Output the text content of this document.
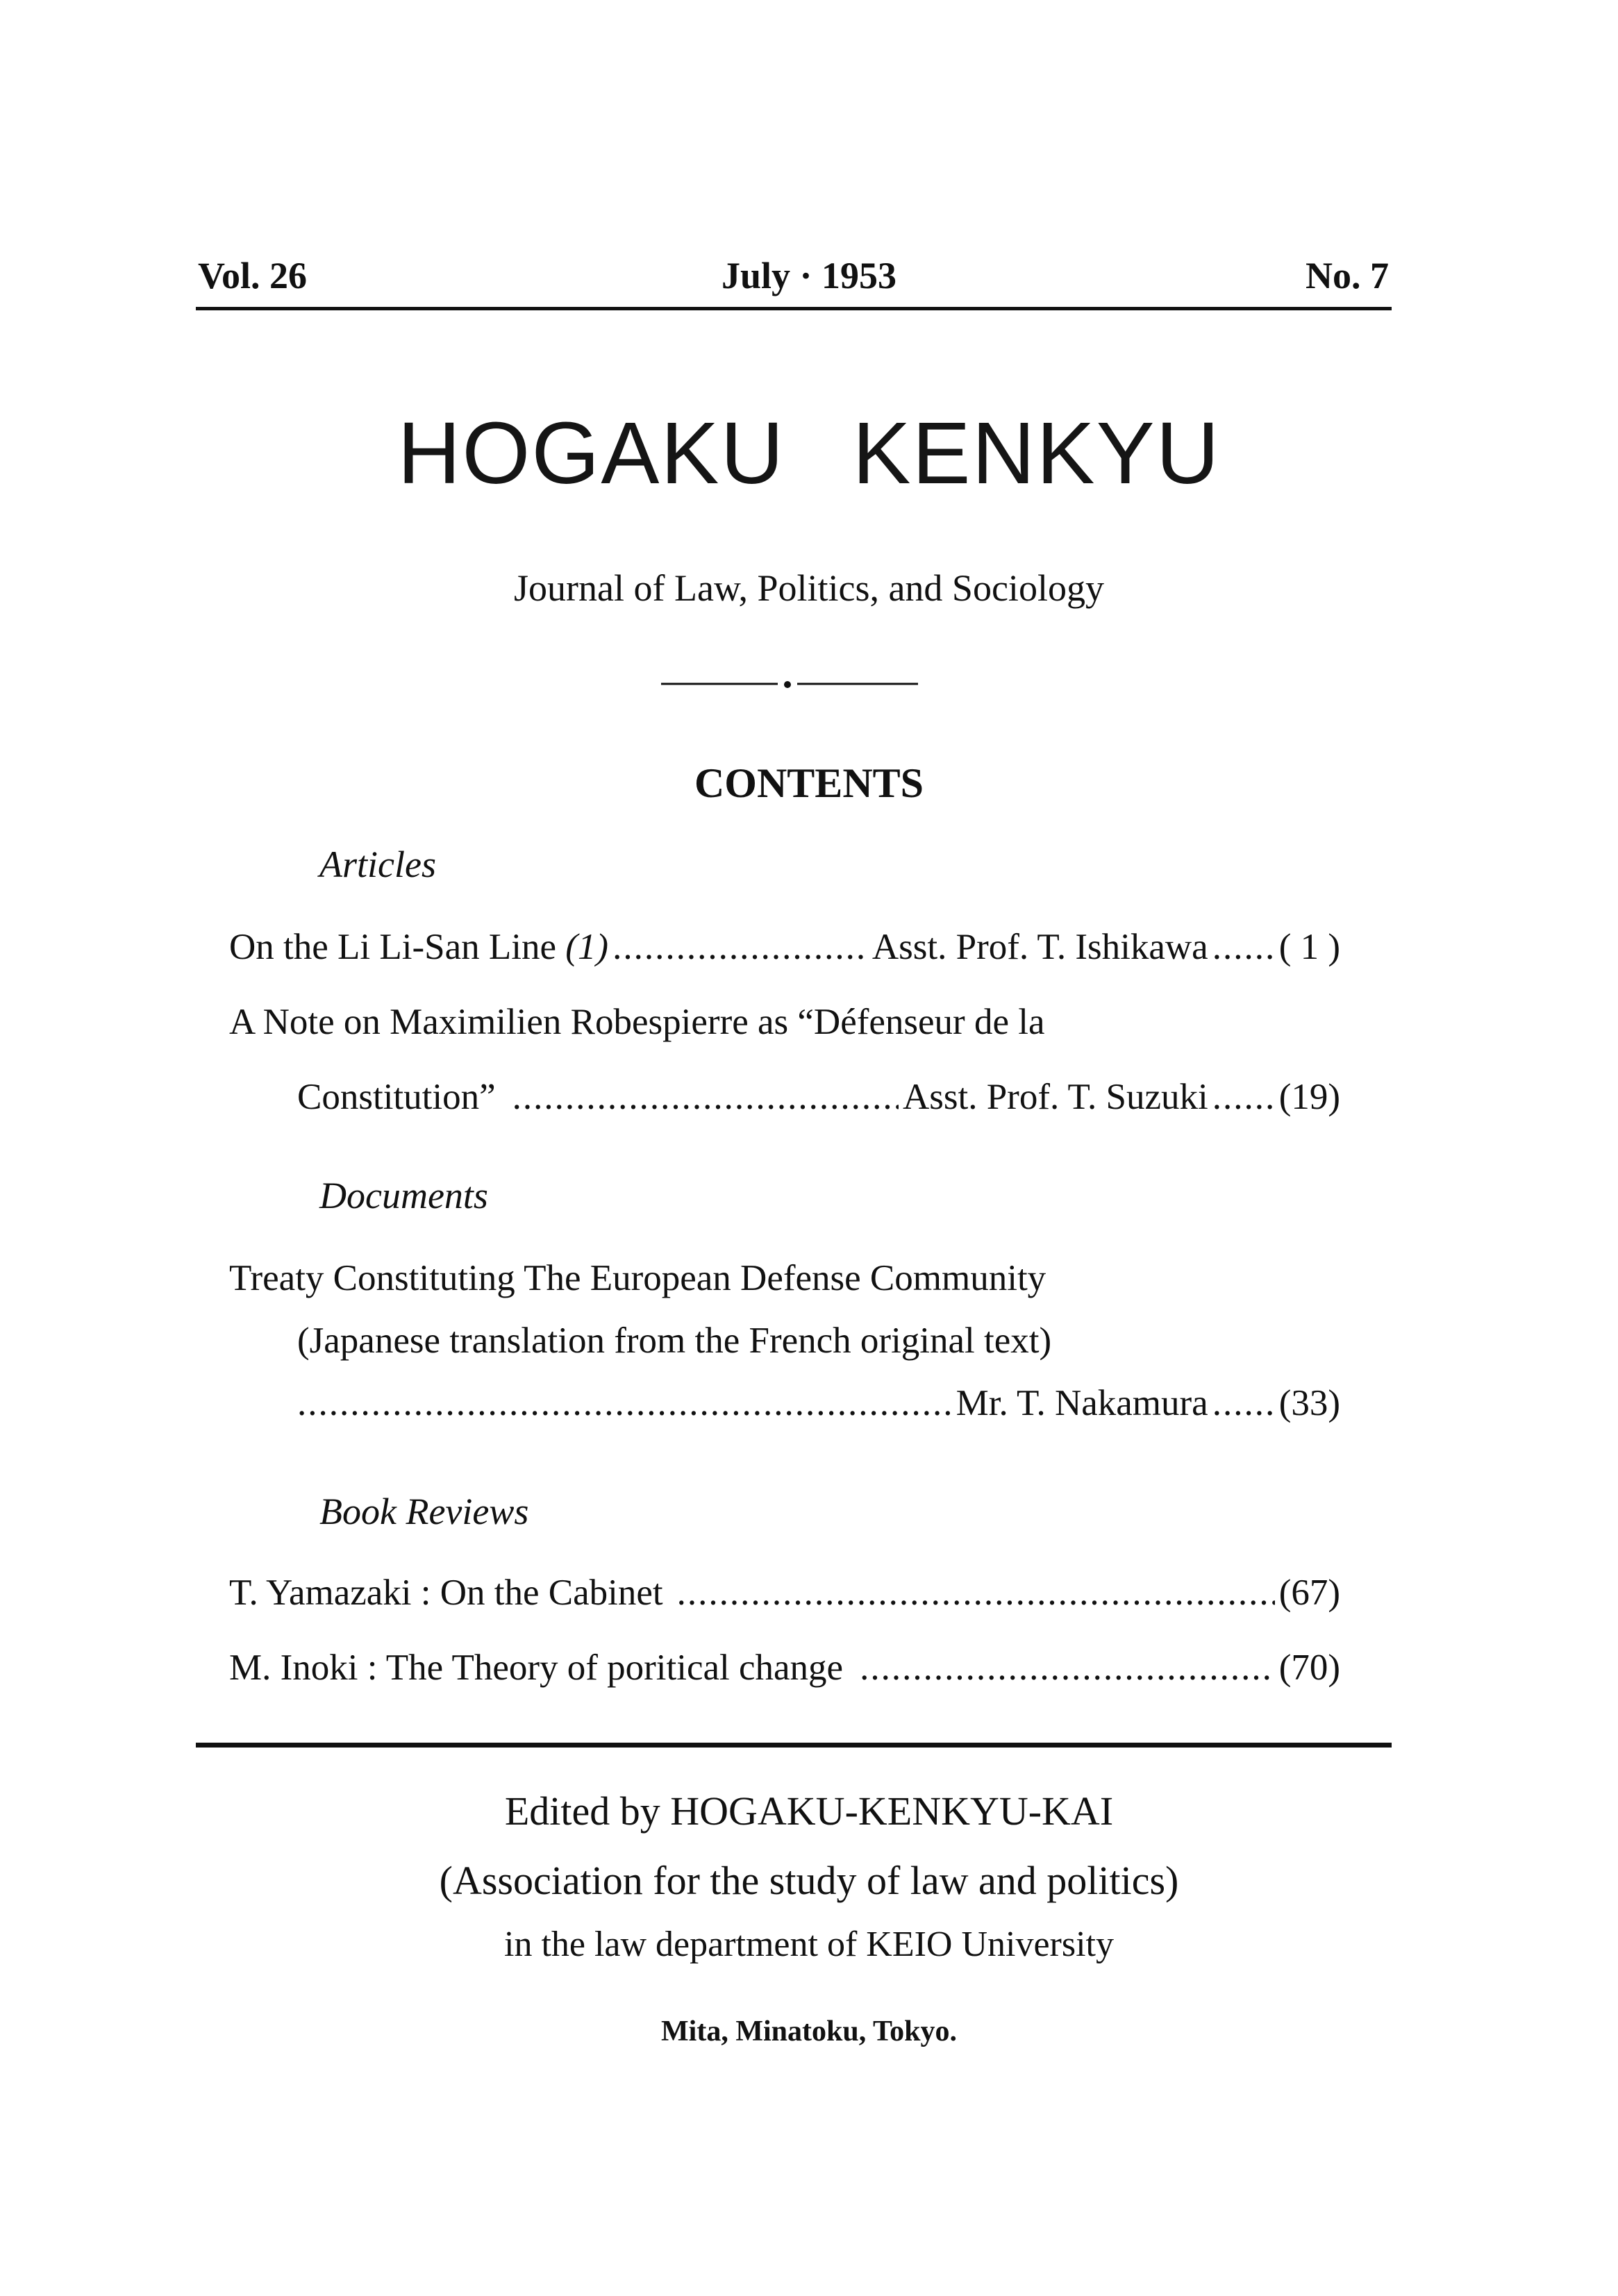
Vol. 26	July · 1953	No. 7
HOGAKU KENKYU
Journal of Law, Politics, and Sociology
CONTENTS
Articles
On the Li Li-San Line (1) .....	Asst. Prof. T. Ishikawa ..... ( 1 )
A Note on Maximilien Robespierre as “Défenseur de la
Constitution” .....	Asst. Prof. T. Suzuki ..... (19)
Documents
Treaty Constituting The European Defense Community
(Japanese translation from the French original text)
.....
Mr. T. Nakamura ..... (33)
Book Reviews
T. Yamazaki : On the Cabinet .....	(67)
M. Inoki : The Theory of poritical change .....	(70)
Edited by HOGAKU-KENKYU-KAI
(Association for the study of law and politics)
in the law department of KEIO University
Mita, Minatoku, Tokyo.
